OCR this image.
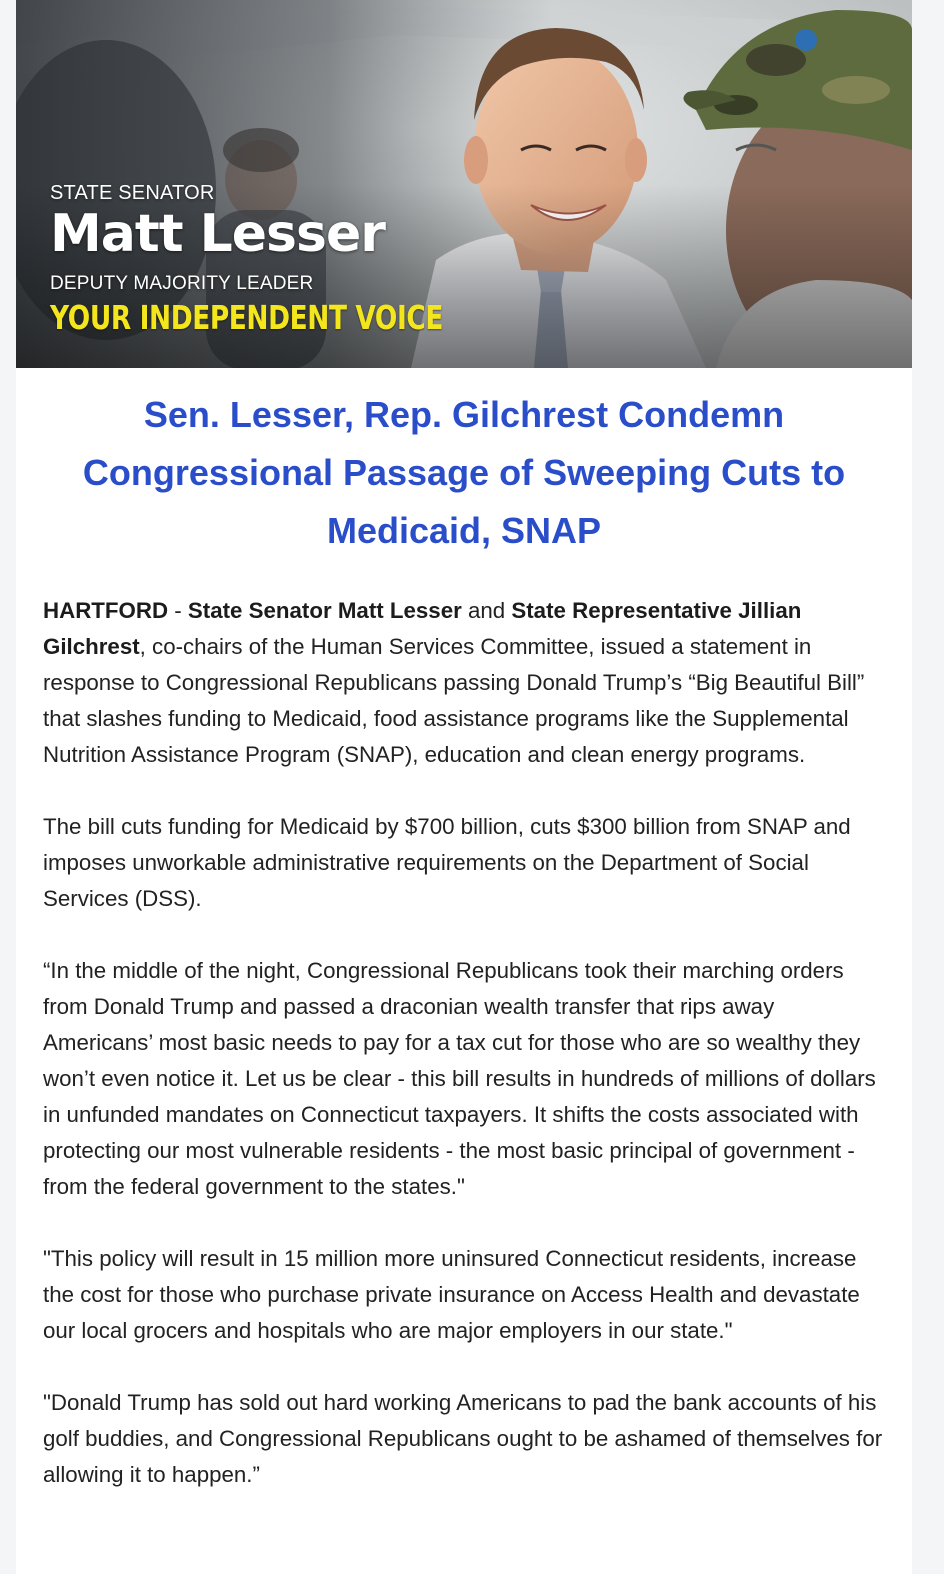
STATE SENATOR
Matt Lesser
DEPUTY MAJORITY LEADER
YOUR INDEPENDENT VOICE
Sen. Lesser, Rep. Gilchrest Condemn Congressional Passage of Sweeping Cuts to Medicaid, SNAP

HARTFORD - State Senator Matt Lesser and State Representative Jillian Gilchrest, co-chairs of the Human Services Committee, issued a statement in response to Congressional Republicans passing Donald Trump’s “Big Beautiful Bill” that slashes funding to Medicaid, food assistance programs like the Supplemental Nutrition Assistance Program (SNAP), education and clean energy programs.

The bill cuts funding for Medicaid by $700 billion, cuts $300 billion from SNAP and imposes unworkable administrative requirements on the Department of Social Services (DSS).

“In the middle of the night, Congressional Republicans took their marching orders from Donald Trump and passed a draconian wealth transfer that rips away Americans’ most basic needs to pay for a tax cut for those who are so wealthy they won’t even notice it. Let us be clear - this bill results in hundreds of millions of dollars in unfunded mandates on Connecticut taxpayers. It shifts the costs associated with protecting our most vulnerable residents - the most basic principal of government - from the federal government to the states."

"This policy will result in 15 million more uninsured Connecticut residents, increase the cost for those who purchase private insurance on Access Health and devastate our local grocers and hospitals who are major employers in our state."

"Donald Trump has sold out hard working Americans to pad the bank accounts of his golf buddies, and Congressional Republicans ought to be ashamed of themselves for allowing it to happen.”
